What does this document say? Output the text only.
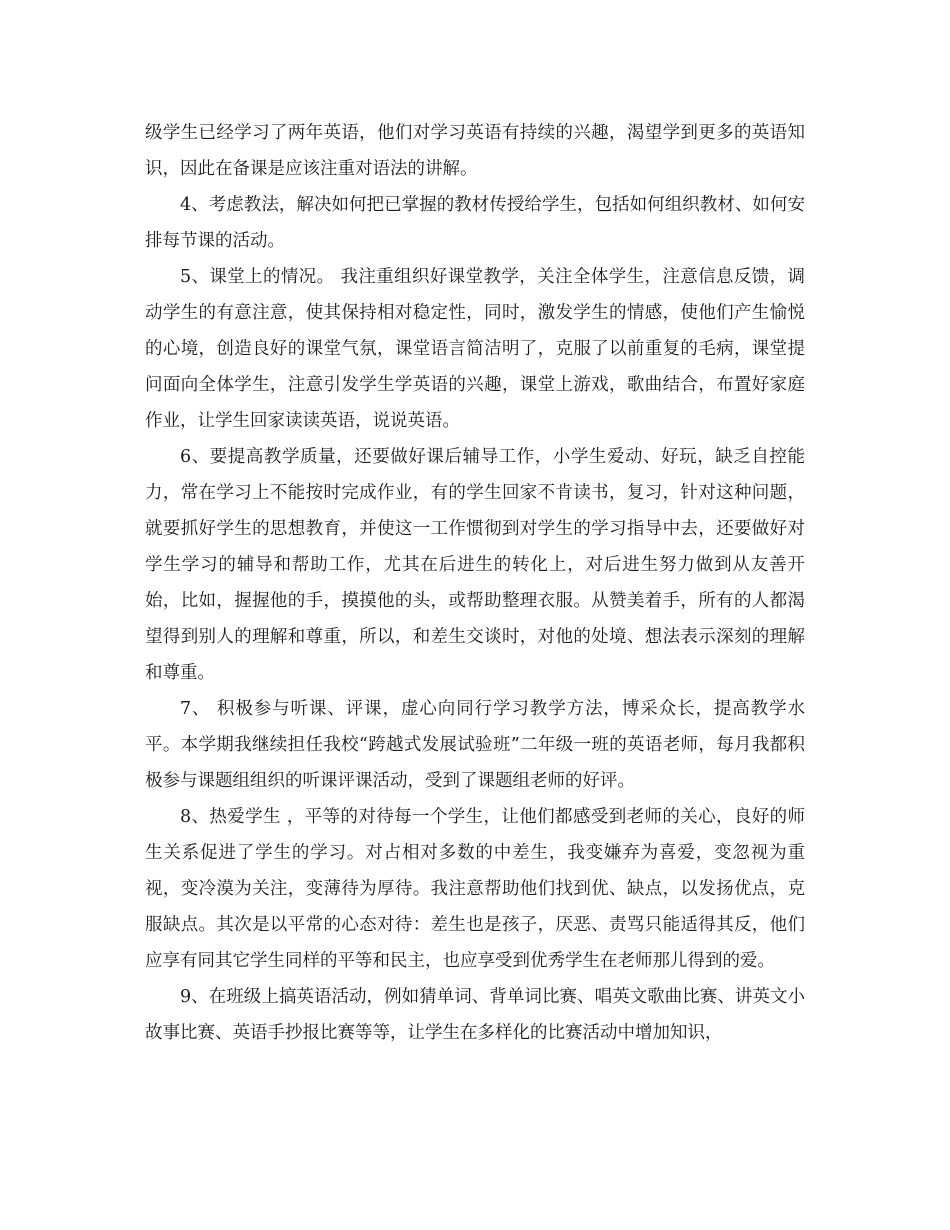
级学生已经学习了两年英语，他们对学习英语有持续的兴趣，渴望学到更多的英语知识，因此在备课是应该注重对语法的讲解。

4、考虑教法，解决如何把已掌握的教材传授给学生，包括如何组织教材、如何安排每节课的活动。

5、课堂上的情况。 我注重组织好课堂教学，关注全体学生，注意信息反馈，调动学生的有意注意，使其保持相对稳定性，同时，激发学生的情感，使他们产生愉悦的心境，创造良好的课堂气氛，课堂语言简洁明了，克服了以前重复的毛病，课堂提问面向全体学生，注意引发学生学英语的兴趣，课堂上游戏，歌曲结合，布置好家庭作业，让学生回家读读英语，说说英语。

6、要提高教学质量，还要做好课后辅导工作，小学生爱动、好玩，缺乏自控能力，常在学习上不能按时完成作业，有的学生回家不肯读书，复习，针对这种问题，就要抓好学生的思想教育，并使这一工作惯彻到对学生的学习指导中去，还要做好对学生学习的辅导和帮助工作，尤其在后进生的转化上，对后进生努力做到从友善开始，比如，握握他的手，摸摸他的头，或帮助整理衣服。从赞美着手，所有的人都渴望得到别人的理解和尊重，所以，和差生交谈时，对他的处境、想法表示深刻的理解和尊重。

7、 积极参与听课、评课，虚心向同行学习教学方法，博采众长，提高教学水平。本学期我继续担任我校“跨越式发展试验班”二年级一班的英语老师，每月我都积极参与课题组组织的听课评课活动，受到了课题组老师的好评。

8、热爱学生 ，平等的对待每一个学生，让他们都感受到老师的关心，良好的师生关系促进了学生的学习。对占相对多数的中差生，我变嫌弃为喜爱，变忽视为重视，变冷漠为关注，变薄待为厚待。我注意帮助他们找到优、缺点，以发扬优点，克服缺点。其次是以平常的心态对待：差生也是孩子，厌恶、责骂只能适得其反，他们应享有同其它学生同样的平等和民主，也应享受到优秀学生在老师那儿得到的爱。

9、在班级上搞英语活动，例如猜单词、背单词比赛、唱英文歌曲比赛、讲英文小故事比赛、英语手抄报比赛等等，让学生在多样化的比赛活动中增加知识，
